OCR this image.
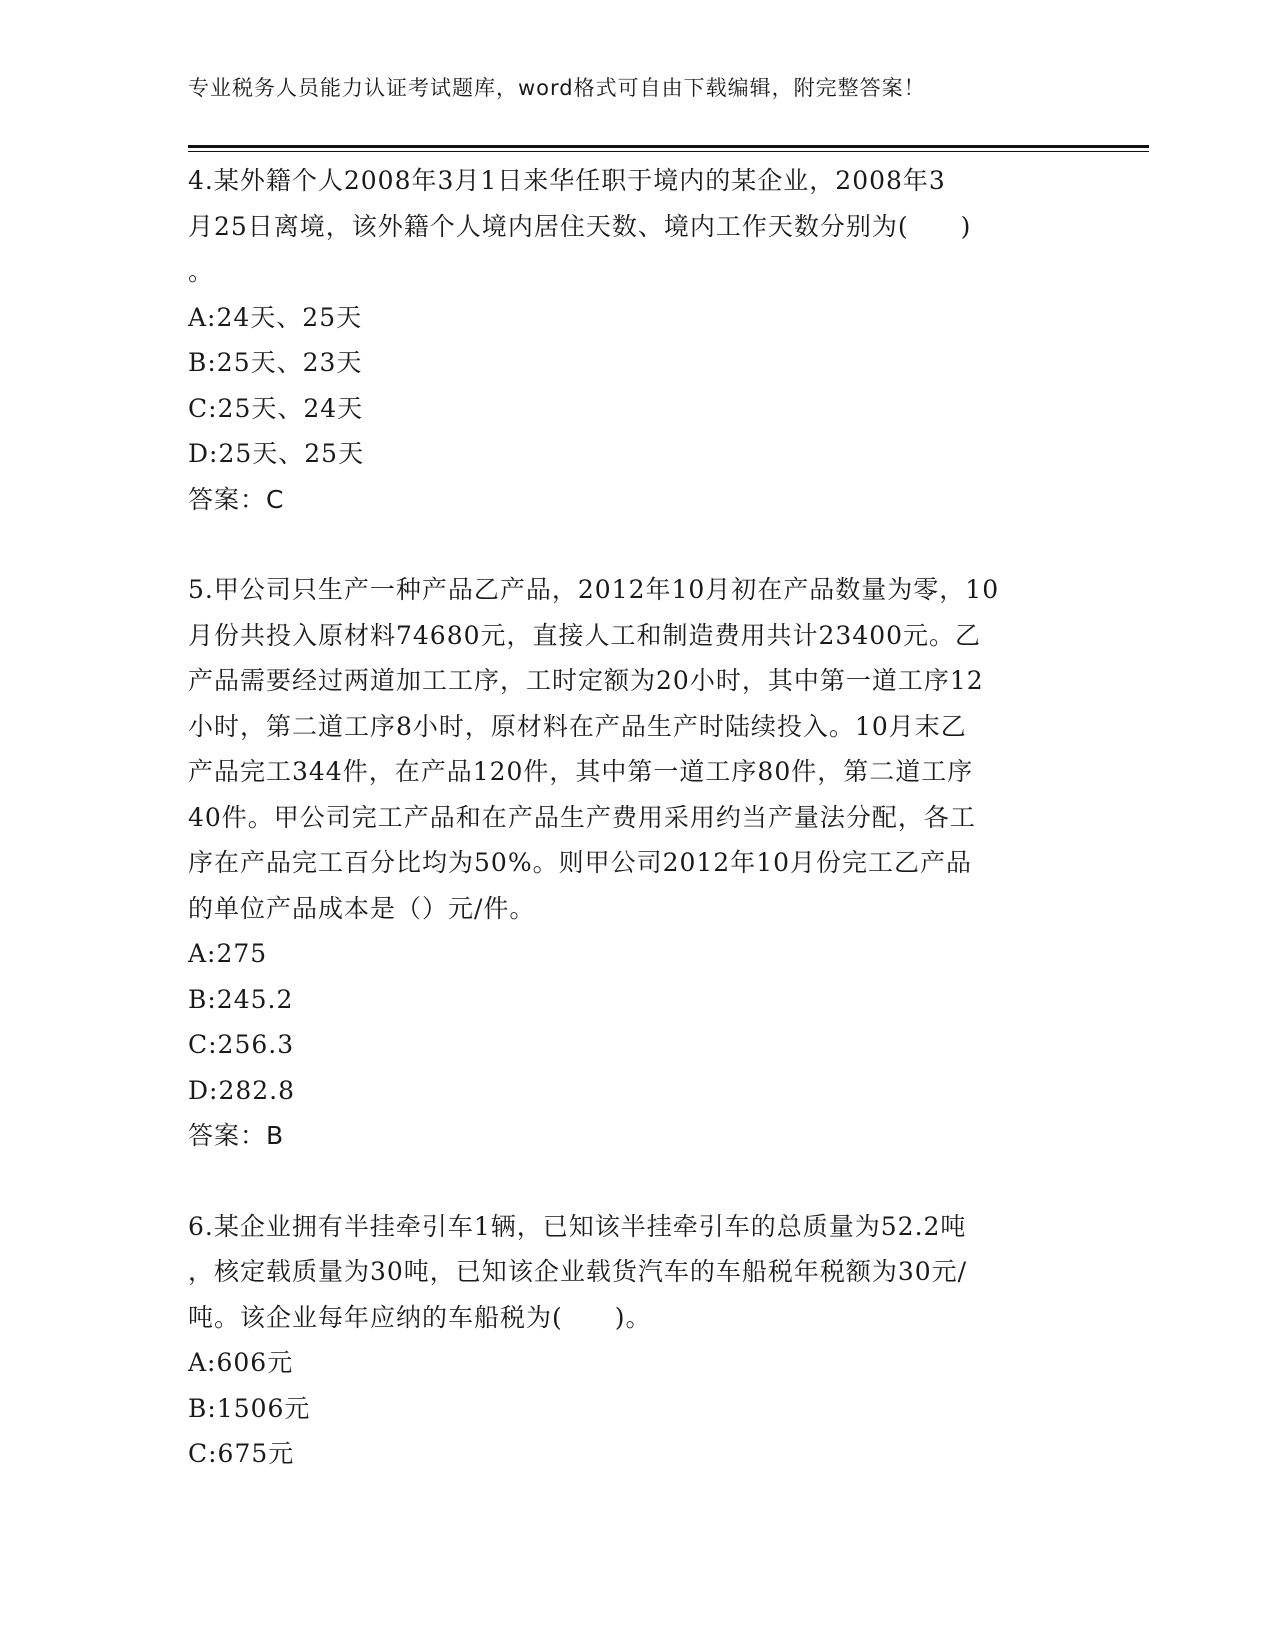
专业税务人员能力认证考试题库，word格式可自由下载编辑，附完整答案！
4.某外籍个人2008年3月1日来华任职于境内的某企业，2008年3
月25日离境，该外籍个人境内居住天数、境内工作天数分别为(　　)
。
A:24天、25天
B:25天、23天
C:25天、24天
D:25天、25天
答案：C
5.甲公司只生产一种产品乙产品，2012年10月初在产品数量为零，10
月份共投入原材料74680元，直接人工和制造费用共计23400元。乙
产品需要经过两道加工工序，工时定额为20小时，其中第一道工序12
小时，第二道工序8小时，原材料在产品生产时陆续投入。10月末乙
产品完工344件，在产品120件，其中第一道工序80件，第二道工序
40件。甲公司完工产品和在产品生产费用采用约当产量法分配，各工
序在产品完工百分比均为50%。则甲公司2012年10月份完工乙产品
的单位产品成本是（）元/件。
A:275
B:245.2
C:256.3
D:282.8
答案：B
6.某企业拥有半挂牵引车1辆，已知该半挂牵引车的总质量为52.2吨
，核定载质量为30吨，已知该企业载货汽车的车船税年税额为30元/
吨。该企业每年应纳的车船税为(　　)。
A:606元
B:1506元
C:675元
